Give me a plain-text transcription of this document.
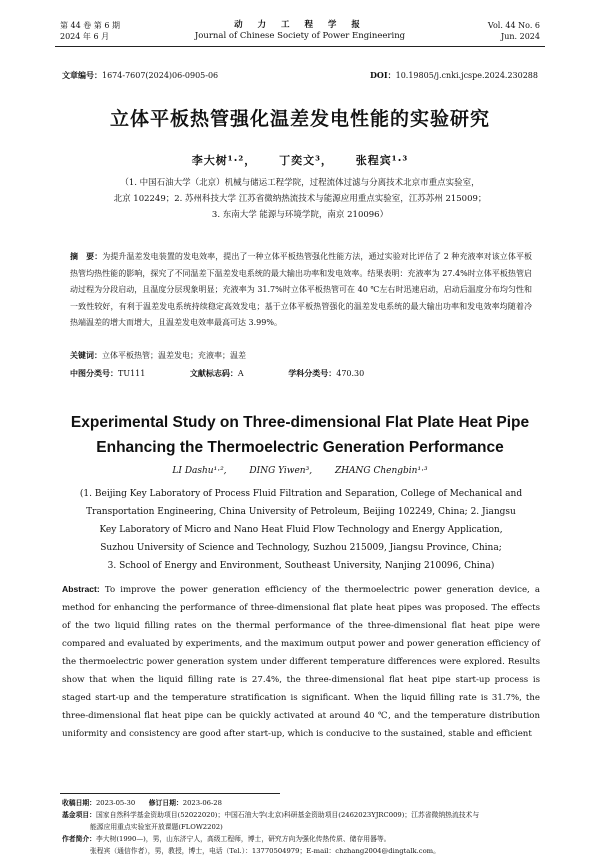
第 44 卷 第 6 期
2024 年 6 月
动 力 工 程 学 报
Journal of Chinese Society of Power Engineering
Vol. 44 No. 6
Jun. 2024
文章编号：1674-7607(2024)06-0905-06	DOI：10.19805/j.cnki.jcspe.2024.230288
立体平板热管强化温差发电性能的实验研究
李大树¹·²， 丁奕文³， 张程宾¹·³
（1. 中国石油大学（北京）机械与储运工程学院，过程流体过滤与分离技术北京市重点实验室，
北京 102249；2. 苏州科技大学 江苏省微纳热流技术与能源应用重点实验室，江苏苏州 215009；
3. 东南大学 能源与环境学院，南京 210096）
摘　要：为提升温差发电装置的发电效率，提出了一种立体平板热管强化性能方法，通过实验对比评估了 2 种充液率对该立体平板热管均热性能的影响，探究了不同温差下温差发电系统的最大输出功率和发电效率。结果表明：充液率为 27.4%时立体平板热管启动过程为分段启动，且温度分层现象明显；充液率为 31.7%时立体平板热管可在 40 ℃左右时迅速启动，启动后温度分布均匀性和一致性较好，有利于温差发电系统持续稳定高效发电；基于立体平板热管强化的温差发电系统的最大输出功率和发电效率均随着冷热端温差的增大而增大，且温差发电效率最高可达 3.99%。
关键词：立体平板热管；温差发电；充液率；温差
中图分类号：TU111	文献标志码：A	学科分类号：470.30
Experimental Study on Three-dimensional Flat Plate Heat Pipe
Enhancing the Thermoelectric Generation Performance
LI Dashu¹·²,	DING Yiwen³,	ZHANG Chengbin¹·³
(1. Beijing Key Laboratory of Process Fluid Filtration and Separation, College of Mechanical and
Transportation Engineering, China University of Petroleum, Beijing 102249, China; 2. Jiangsu
Key Laboratory of Micro and Nano Heat Fluid Flow Technology and Energy Application,
Suzhou University of Science and Technology, Suzhou 215009, Jiangsu Province, China;
3. School of Energy and Environment, Southeast University, Nanjing 210096, China)
Abstract: To improve the power generation efficiency of the thermoelectric power generation device, a method for enhancing the performance of three-dimensional flat plate heat pipes was proposed. The effects of the two liquid filling rates on the thermal performance of the three-dimensional flat heat pipe were compared and evaluated by experiments, and the maximum output power and power generation efficiency of the thermoelectric power generation system under different temperature differences were explored. Results show that when the liquid filling rate is 27.4%, the three-dimensional flat heat pipe start-up process is staged start-up and the temperature stratification is significant. When the liquid filling rate is 31.7%, the three-dimensional flat heat pipe can be quickly activated at around 40 ℃, and the temperature distribution uniformity and consistency are good after start-up, which is conducive to the sustained, stable and efficient

收稿日期：2023-05-30　　 修订日期：2023-06-28

基金项目：国家自然科学基金资助项目(52022020)；中国石油大学(北京)科研基金资助项目(2462023YJRC009)；江苏省微纳热流技术与

能源应用重点实验室开放课题(FLOW2202)

作者简介：李大树(1990—)，男，山东济宁人，高级工程师，博士，研究方向为强化传热传质、储存用器等。

张程宾（通信作者），男，教授，博士，电话（Tel.）：13770504979；E-mail：chzhang2004@dingtalk.com。
